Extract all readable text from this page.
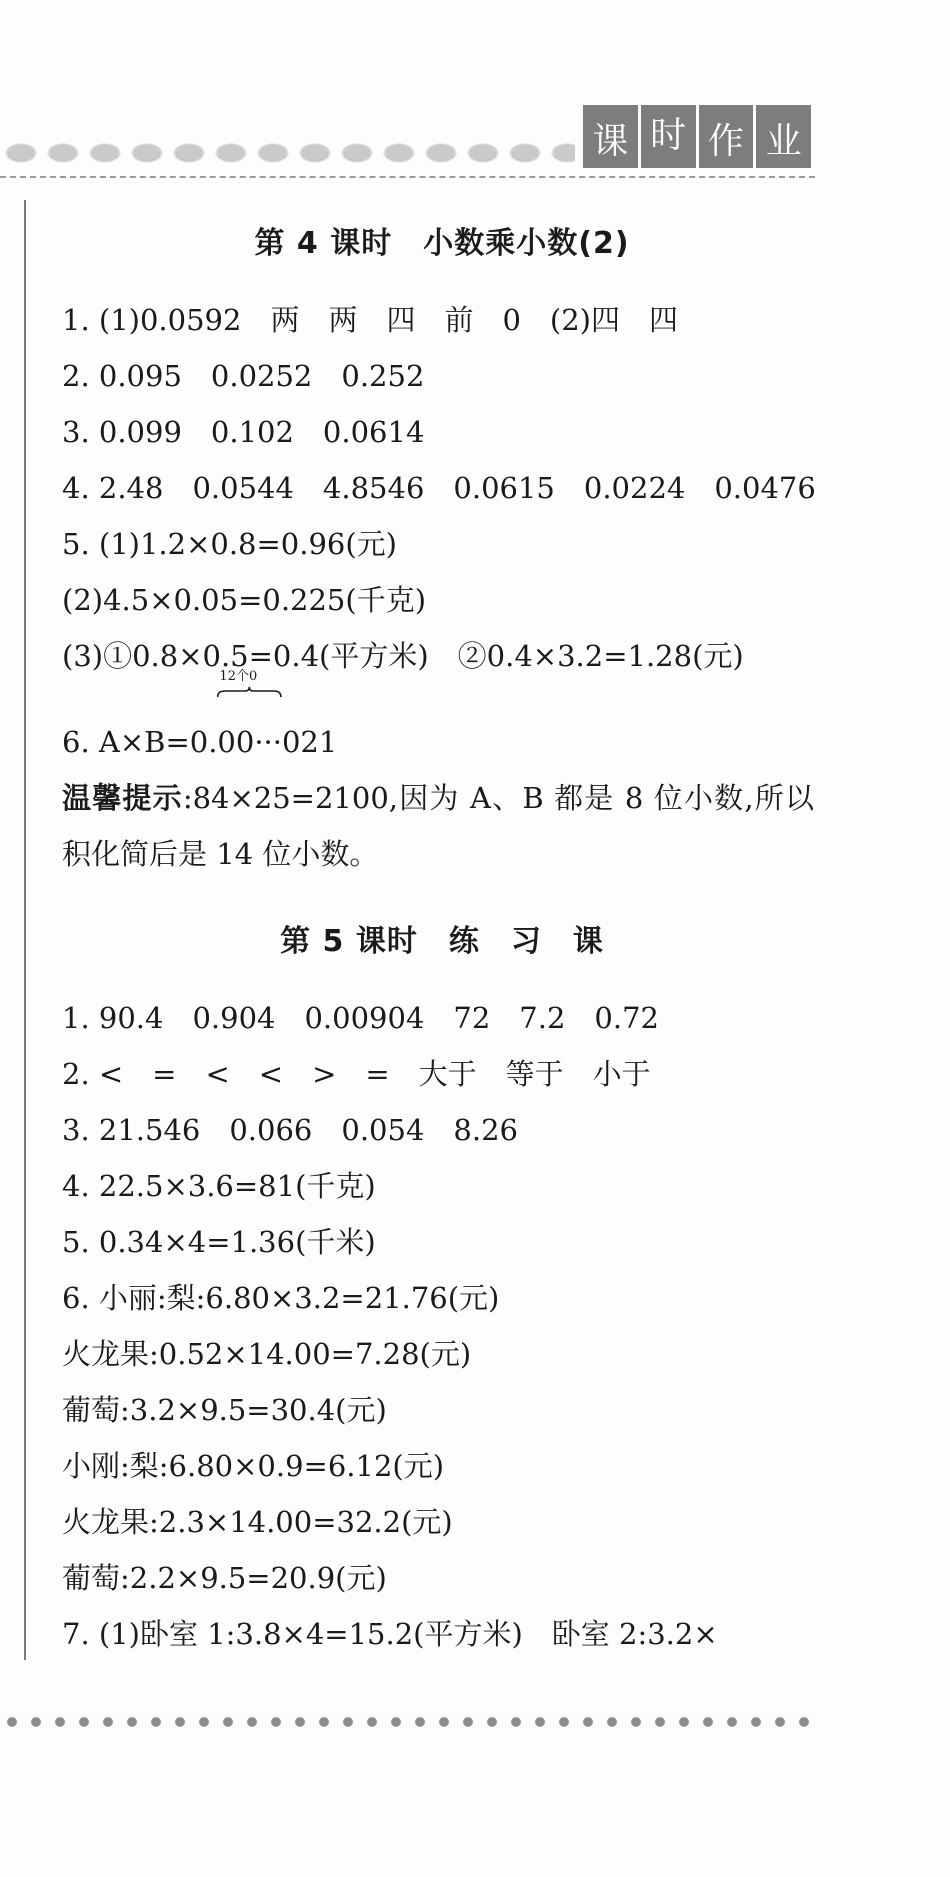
课 时 作 业
第 4 课时　小数乘小数(2)
1. (1)0.0592　两　两　四　前　0　(2)四　四
2. 0.095　0.0252　0.252
3. 0.099　0.102　0.0614
4. 2.48　0.0544　4.8546　0.0615　0.0224　0.0476
5. (1)1.2×0.8=0.96(元)
(2)4.5×0.05=0.225(千克)
(3)①0.8×0.5=0.4(平方米)　②0.4×3.2=1.28(元)
6. A×B=0.
12个0
00···021
温馨提示:84×25=2100,因为 A、B 都是 8 位小数,所以积化简后是 14 位小数。
第 5 课时　练　习　课
1. 90.4　0.904　0.00904　72　7.2　0.72
2. <　=　<　<　>　=　大于　等于　小于
3. 21.546　0.066　0.054　8.26
4. 22.5×3.6=81(千克)
5. 0.34×4=1.36(千米)
6. 小丽:梨:6.80×3.2=21.76(元)
火龙果:0.52×14.00=7.28(元)
葡萄:3.2×9.5=30.4(元)
小刚:梨:6.80×0.9=6.12(元)
火龙果:2.3×14.00=32.2(元)
葡萄:2.2×9.5=20.9(元)
7. (1)卧室 1:3.8×4=15.2(平方米)　卧室 2:3.2×
